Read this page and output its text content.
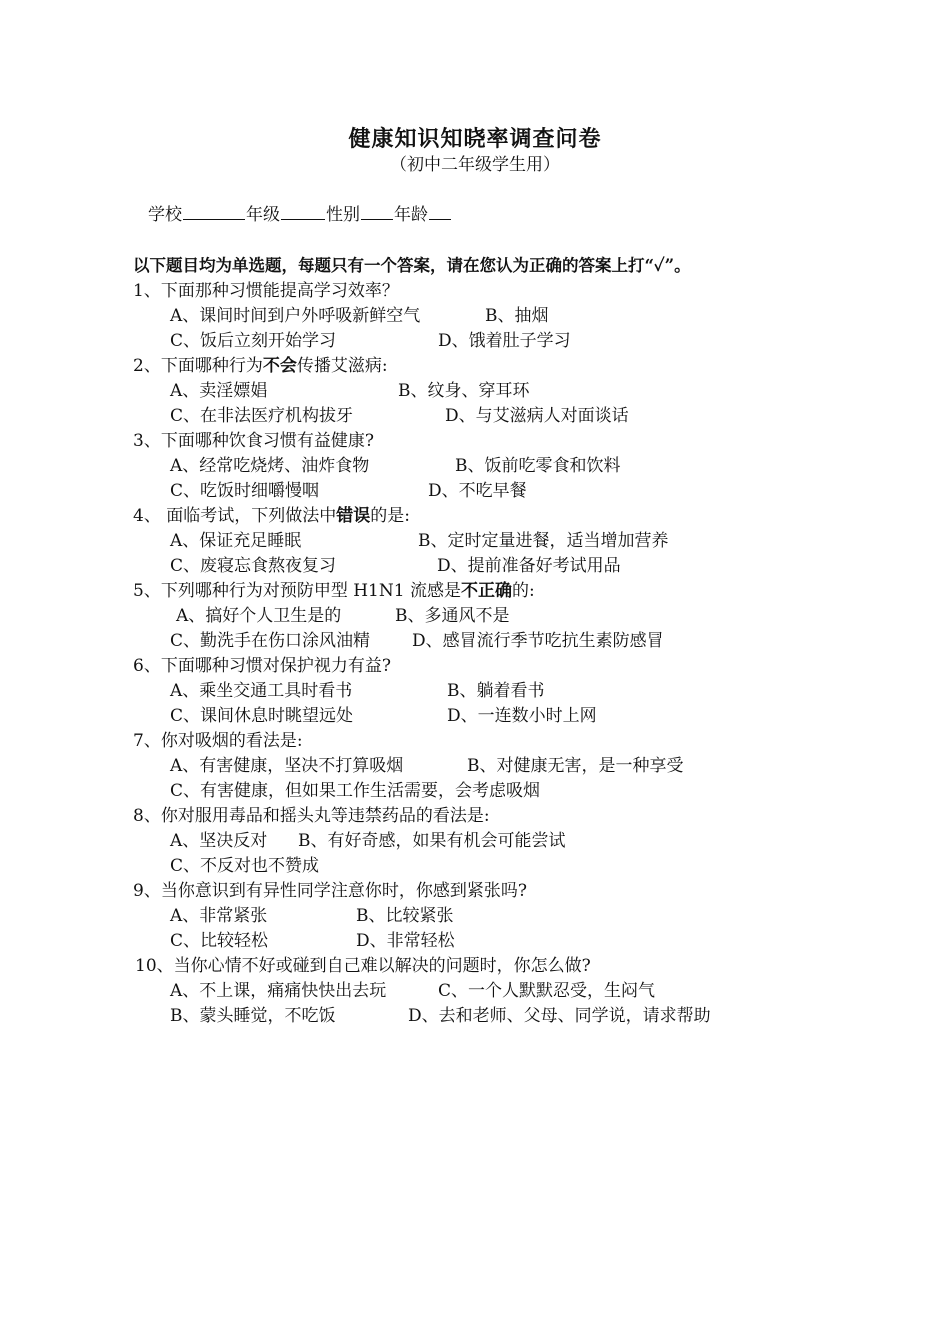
健康知识知晓率调查问卷
（初中二年级学生用）
学校	年级	性别 年龄
以下题目均为单选题，每题只有一个答案，请在您认为正确的答案上打“✓”。
1、下面那种习惯能提高学习效率？
A、课间时间到户外呼吸新鲜空气	B、抽烟
C、饭后立刻开始学习	D、饿着肚子学习
2、下面哪种行为不会传播艾滋病:
A、卖淫嫖娼	B、纹身、穿耳环
C、在非法医疗机构拔牙	D、与艾滋病人对面谈话
3、下面哪种饮食习惯有益健康?
A、经常吃烧烤、油炸食物	B、饭前吃零食和饮料
C、吃饭时细嚼慢咽	D、不吃早餐
4、 面临考试，下列做法中错误的是:
A、保证充足睡眠	B、定时定量进餐，适当增加营养
C、废寝忘食熬夜复习	D、提前准备好考试用品
5、下列哪种行为对预防甲型 H1N1 流感是不正确的:
A、搞好个人卫生是的	B、多通风不是
C、勤洗手在伤口涂风油精 D、感冒流行季节吃抗生素防感冒
6、下面哪种习惯对保护视力有益?
A、乘坐交通工具时看书	B、躺着看书
C、课间休息时眺望远处	D、一连数小时上网
7、你对吸烟的看法是:
A、有害健康，坚决不打算吸烟	B、对健康无害，是一种享受
C、有害健康，但如果工作生活需要，会考虑吸烟
8、你对服用毒品和摇头丸等违禁药品的看法是:
A、坚决反对 B、有好奇感，如果有机会可能尝试
C、不反对也不赞成
9、当你意识到有异性同学注意你时，你感到紧张吗?
A、非常紧张	B、比较紧张
C、比较轻松	D、非常轻松
10、当你心情不好或碰到自己难以解决的问题时，你怎么做?
A、不上课，痛痛快快出去玩	C、一个人默默忍受，生闷气
B、蒙头睡觉，不吃饭	D、去和老师、父母、同学说，请求帮助
